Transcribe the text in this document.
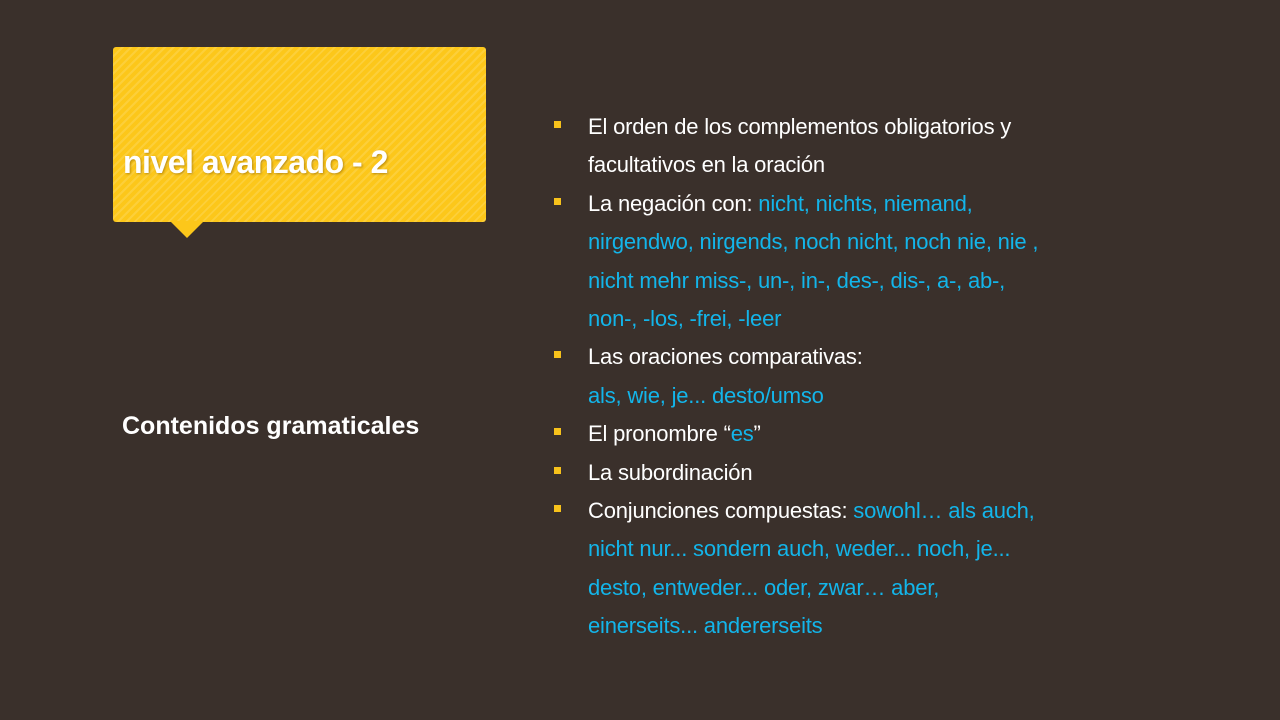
nivel avanzado - 2
Contenidos gramaticales
El orden de los complementos obligatorios y facultativos en la oración
La negación con: nicht, nichts, niemand, nirgendwo, nirgends, noch nicht, noch nie, nie , nicht mehr miss-, un-, in-, des-, dis-, a-, ab-, non-, -los, -frei, -leer
Las oraciones comparativas:
als, wie, je... desto/umso
El pronombre “es”
La subordinación
Conjunciones compuestas: sowohl… als auch, nicht nur... sondern auch, weder... noch, je... desto, entweder... oder, zwar… aber, einerseits... andererseits
